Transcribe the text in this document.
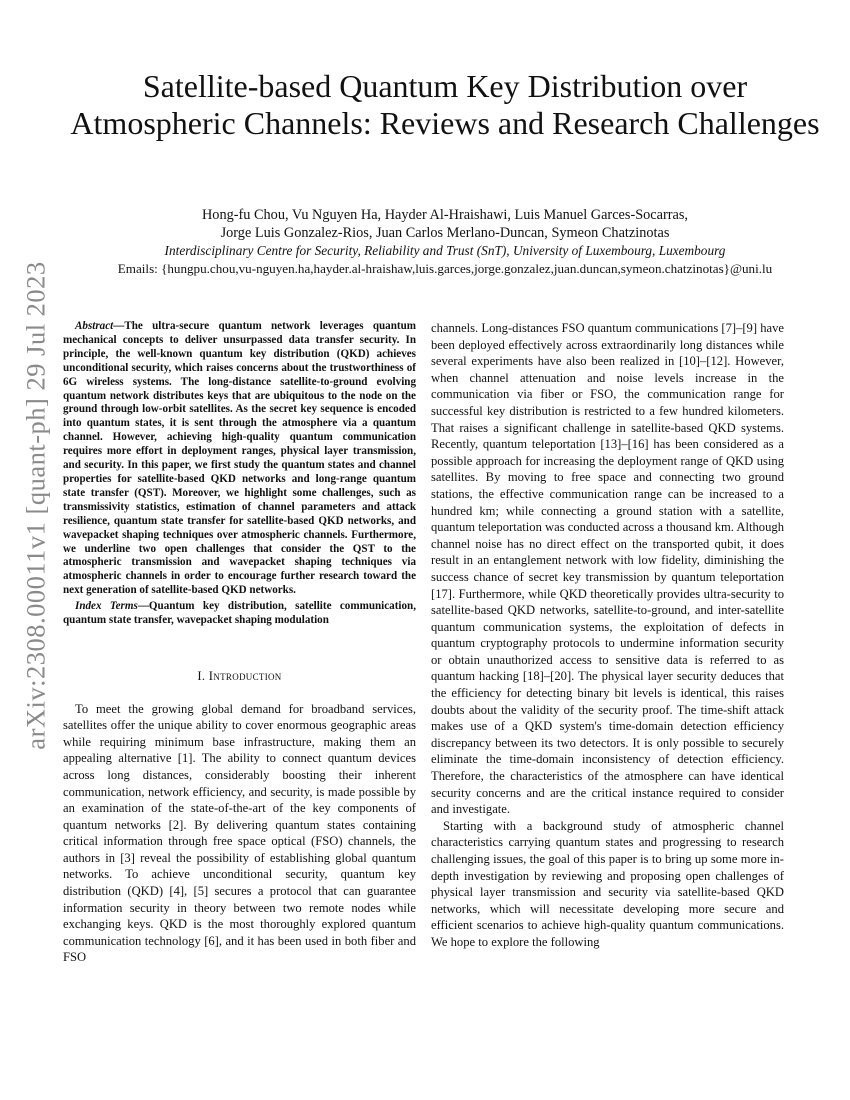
arXiv:2308.00011v1 [quant-ph] 29 Jul 2023
Satellite-based Quantum Key Distribution over Atmospheric Channels: Reviews and Research Challenges
Hong-fu Chou, Vu Nguyen Ha, Hayder Al-Hraishawi, Luis Manuel Garces-Socarras,
Jorge Luis Gonzalez-Rios, Juan Carlos Merlano-Duncan, Symeon Chatzinotas
Interdisciplinary Centre for Security, Reliability and Trust (SnT), University of Luxembourg, Luxembourg
Emails: {hungpu.chou,vu-nguyen.ha,hayder.al-hraishaw,luis.garces,jorge.gonzalez,juan.duncan,symeon.chatzinotas}@uni.lu

Abstract—The ultra-secure quantum network leverages quantum mechanical concepts to deliver unsurpassed data transfer security. In principle, the well-known quantum key distribution (QKD) achieves unconditional security, which raises concerns about the trustworthiness of 6G wireless systems. The long-distance satellite-to-ground evolving quantum network distributes keys that are ubiquitous to the node on the ground through low-orbit satellites. As the secret key sequence is encoded into quantum states, it is sent through the atmosphere via a quantum channel. However, achieving high-quality quantum communication requires more effort in deployment ranges, physical layer transmission, and security. In this paper, we first study the quantum states and channel properties for satellite-based QKD networks and long-range quantum state transfer (QST). Moreover, we highlight some challenges, such as transmissivity statistics, estimation of channel parameters and attack resilience, quantum state transfer for satellite-based QKD networks, and wavepacket shaping techniques over atmospheric channels. Furthermore, we underline two open challenges that consider the QST to the atmospheric transmission and wavepacket shaping techniques via atmospheric channels in order to encourage further research toward the next generation of satellite-based QKD networks.

Index Terms—Quantum key distribution, satellite communication, quantum state transfer, wavepacket shaping modulation

I. Introduction

To meet the growing global demand for broadband services, satellites offer the unique ability to cover enormous geographic areas while requiring minimum base infrastructure, making them an appealing alternative [1]. The ability to connect quantum devices across long distances, considerably boosting their inherent communication, network efficiency, and security, is made possible by an examination of the state-of-the-art of the key components of quantum networks [2]. By delivering quantum states containing critical information through free space optical (FSO) channels, the authors in [3] reveal the possibility of establishing global quantum networks. To achieve unconditional security, quantum key distribution (QKD) [4], [5] secures a protocol that can guarantee information security in theory between two remote nodes while exchanging keys. QKD is the most thoroughly explored quantum communication technology [6], and it has been used in both fiber and FSO

channels. Long-distances FSO quantum communications [7]–[9] have been deployed effectively across extraordinarily long distances while several experiments have also been realized in [10]–[12]. However, when channel attenuation and noise levels increase in the communication via fiber or FSO, the communication range for successful key distribution is restricted to a few hundred kilometers. That raises a significant challenge in satellite-based QKD systems. Recently, quantum teleportation [13]–[16] has been considered as a possible approach for increasing the deployment range of QKD using satellites. By moving to free space and connecting two ground stations, the effective communication range can be increased to a hundred km; while connecting a ground station with a satellite, quantum teleportation was conducted across a thousand km. Although channel noise has no direct effect on the transported qubit, it does result in an entanglement network with low fidelity, diminishing the success chance of secret key transmission by quantum teleportation [17]. Furthermore, while QKD theoretically provides ultra-security to satellite-based QKD networks, satellite-to-ground, and inter-satellite quantum communication systems, the exploitation of defects in quantum cryptography protocols to undermine information security or obtain unauthorized access to sensitive data is referred to as quantum hacking [18]–[20]. The physical layer security deduces that the efficiency for detecting binary bit levels is identical, this raises doubts about the validity of the security proof. The time-shift attack makes use of a QKD system's time-domain detection efficiency discrepancy between its two detectors. It is only possible to securely eliminate the time-domain inconsistency of detection efficiency. Therefore, the characteristics of the atmosphere can have identical security concerns and are the critical instance required to consider and investigate.

Starting with a background study of atmospheric channel characteristics carrying quantum states and progressing to research challenging issues, the goal of this paper is to bring up some more in-depth investigation by reviewing and proposing open challenges of physical layer transmission and security via satellite-based QKD networks, which will necessitate developing more secure and efficient scenarios to achieve high-quality quantum communications. We hope to explore the following
